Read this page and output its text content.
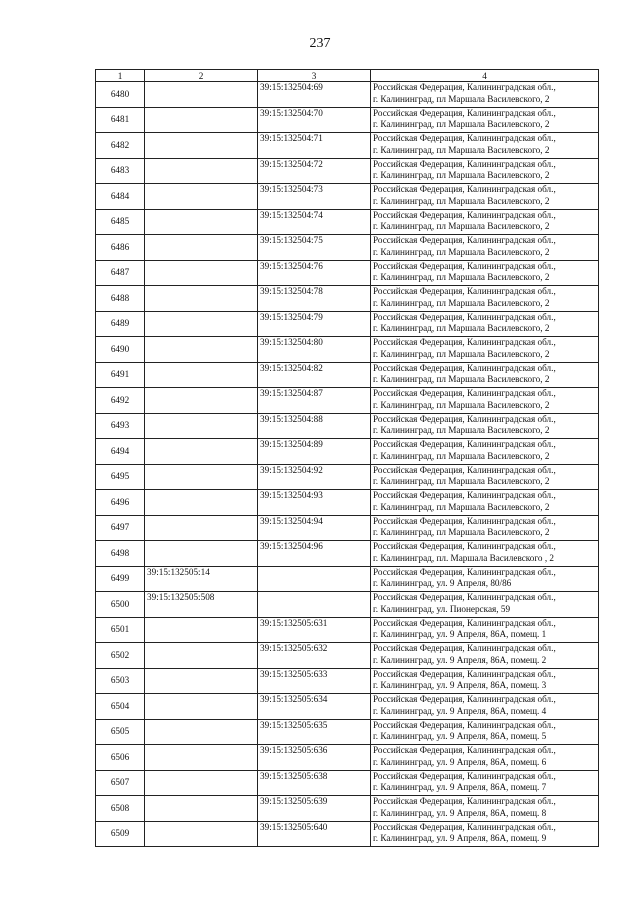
237
1	2	3	4
6480		39:15:132504:69	Российская Федерация, Калининградская обл.,
г. Калининград, пл Маршала Василевского, 2

6481		39:15:132504:70	Российская Федерация, Калининградская обл.,
г. Калининград, пл Маршала Василевского, 2

6482		39:15:132504:71	Российская Федерация, Калининградская обл.,
г. Калининград, пл Маршала Василевского, 2

6483		39:15:132504:72	Российская Федерация, Калининградская обл.,
г. Калининград, пл Маршала Василевского, 2

6484		39:15:132504:73	Российская Федерация, Калининградская обл.,
г. Калининград, пл Маршала Василевского, 2

6485		39:15:132504:74	Российская Федерация, Калининградская обл.,
г. Калининград, пл Маршала Василевского, 2

6486		39:15:132504:75	Российская Федерация, Калининградская обл.,
г. Калининград, пл Маршала Василевского, 2

6487		39:15:132504:76	Российская Федерация, Калининградская обл.,
г. Калининград, пл Маршала Василевского, 2

6488		39:15:132504:78	Российская Федерация, Калининградская обл.,
г. Калининград, пл Маршала Василевского, 2

6489		39:15:132504:79	Российская Федерация, Калининградская обл.,
г. Калининград, пл Маршала Василевского, 2

6490		39:15:132504:80	Российская Федерация, Калининградская обл.,
г. Калининград, пл Маршала Василевского, 2

6491		39:15:132504:82	Российская Федерация, Калининградская обл.,
г. Калининград, пл Маршала Василевского, 2

6492		39:15:132504:87	Российская Федерация, Калининградская обл.,
г. Калининград, пл Маршала Василевского, 2

6493		39:15:132504:88	Российская Федерация, Калининградская обл.,
г. Калининград, пл Маршала Василевского, 2

6494		39:15:132504:89	Российская Федерация, Калининградская обл.,
г. Калининград, пл Маршала Василевского, 2

6495		39:15:132504:92	Российская Федерация, Калининградская обл.,
г. Калининград, пл Маршала Василевского, 2

6496		39:15:132504:93	Российская Федерация, Калининградская обл.,
г. Калининград, пл Маршала Василевского, 2

6497		39:15:132504:94	Российская Федерация, Калининградская обл.,
г. Калининград, пл Маршала Василевского, 2

6498		39:15:132504:96	Российская Федерация, Калининградская обл.,
г. Калининград, пл. Маршала Василевского , 2

6499	39:15:132505:14		Российская Федерация, Калининградская обл.,
г. Калининград, ул. 9 Апреля, 80/86

6500	39:15:132505:508		Российская Федерация, Калининградская обл.,
г. Калининград, ул. Пионерская, 59

6501		39:15:132505:631	Российская Федерация, Калининградская обл.,
г. Калининград, ул. 9 Апреля, 86А, помещ. 1

6502		39:15:132505:632	Российская Федерация, Калининградская обл.,
г. Калининград, ул. 9 Апреля, 86А, помещ. 2

6503		39:15:132505:633	Российская Федерация, Калининградская обл.,
г. Калининград, ул. 9 Апреля, 86А, помещ. 3

6504		39:15:132505:634	Российская Федерация, Калининградская обл.,
г. Калининград, ул. 9 Апреля, 86А, помещ. 4

6505		39:15:132505:635	Российская Федерация, Калининградская обл.,
г. Калининград, ул. 9 Апреля, 86А, помещ. 5

6506		39:15:132505:636	Российская Федерация, Калининградская обл.,
г. Калининград, ул. 9 Апреля, 86А, помещ. 6

6507		39:15:132505:638	Российская Федерация, Калининградская обл.,
г. Калининград, ул. 9 Апреля, 86А, помещ. 7

6508		39:15:132505:639	Российская Федерация, Калининградская обл.,
г. Калининград, ул. 9 Апреля, 86А, помещ. 8

6509		39:15:132505:640	Российская Федерация, Калининградская обл.,
г. Калининград, ул. 9 Апреля, 86А, помещ. 9
